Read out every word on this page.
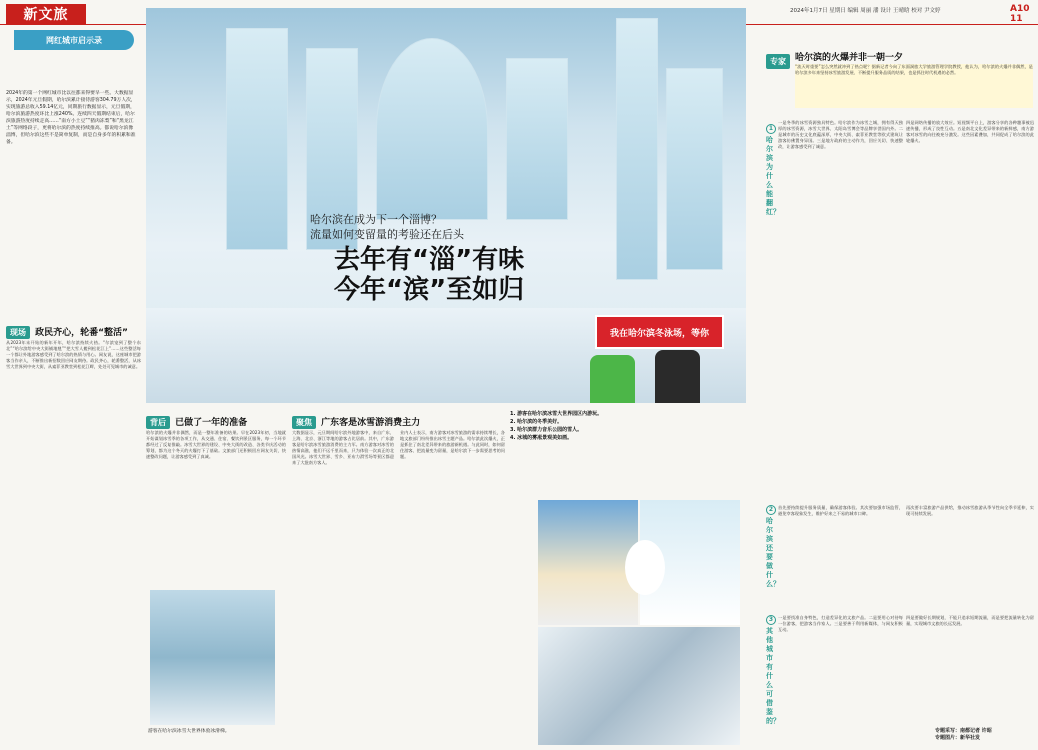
新文旅	2024年1月7日 星期日 编辑 周丽 潘 设计 王晴晗 校对 尹文婷	A10 11
网红城市启示录
2024年的第一个网红城市比以往都来得要早一些。大数据显示，2024年元旦假期，哈尔滨累计接待游客304.79万人次，实现旅游总收入59.14亿元，同期旅行数据显示，元旦假期，哈尔滨旅游热度环比上涨240%。连续四天假期结束后，哈尔滨旅游热度持续走高……“南方小土豆”“猪肉冻梨”和“黑龙江土”等网络段子，更将哈尔滨的热度持续推高。都说哈尔滨像淄博，但哈尔滨这些不是简单复制，而是自身多年的积累和准备。
现场 政民齐心，轮番“整活”
从2023年末开始的新年开年，哈尔滨持续火热。“尔滨宠到了整个东北”“哈尔滨给中央大街铺地毯”“把大雪人搬到松花江上”……这些整活每一个都让外地游客感受到了哈尔滨的热情与用心。网友说，这座城市把游客当作亲人，不断推出新招数回应网友期待。政民齐心，轮番整活，从冰雪大世界到中央大街，从索菲亚教堂到松花江畔，处处可见城市的诚意。
哈尔滨在成为下一个淄博？
流量如何变留量的考验还在后头
去年有“淄”有味
今年“滨”至如归
我在哈尔滨冬泳场，等你
背后 已做了一年的准备
哈尔滨的火爆并非偶然，而是一整年准备的结果。早在2023年初，当地就开始谋划冰雪季的各项工作，从交通、住宿、餐饮到景区服务，每一个环节都经过了反复推敲。冰雪大世界的建设、中央大街的改造、各类节庆活动的筹划，都为这个冬天的火爆打下了基础。文旅部门还积极回应网友关切，快速整改问题，让游客感受到了真诚。
游客在哈尔滨冰雪大世界体验冰滑梯。
聚焦 广东客是冰雪游消费主力
大数据显示，元旦期间哈尔滨外地游客中，来自广东、上海、北京、浙江等地的游客占比居前。其中，广东游客是哈尔滨冰雪旅游消费的主力军。南方游客对冰雪的热情高涨，他们不远千里而来，只为体验一次真正的北国风光。冰雪大世界、雪乡、亚布力滑雪场等景区都迎来了大批南方客人。
业内人士表示，南方游客对冰雪旅游的需求持续增长，各地文旅部门纷纷推出冰雪主题产品。哈尔滨此次爆火，正是抓住了南北差异带来的旅游新机遇。与此同时，如何留住游客、把流量变为留量，是哈尔滨下一步需要思考的问题。
1. 游客在哈尔滨冰雪大世界园区内游玩。
2. 哈尔滨的冬季美好。
3. 哈尔滨群力音乐公园的雪人。
4. 冰城的雾凇景观美如画。
专家	哈尔滨的火爆并非一朝一夕
“流天时重要”怎么突然就冲到了热点呢？据新记者今向了东面洞旅大学旅游管理学院教授，他认为，哈尔滨的火爆并非偶然，是哈尔滨多年来坚持冰雪旅游发展、不断提升服务品质的结果，也是抓住时代机遇的必然。
1
哈尔滨为什么能翻红？
一是冬季的冰雪资源独具特色。哈尔滨作为冰雪之城，拥有得天独厚的冰雪资源，冰雪大世界、太阳岛雪博会等品牌享誉国内外。二是城市的历史文化底蕴深厚，中央大街、索菲亚教堂等欧式建筑让游客仿佛置身异国。三是地方政府的主动作为，回应关切、快速整改，让游客感受到了诚意。
四是网络传播的放大效应。短视频平台上，游客分享的各种趣事被迅速传播，形成了良性互动。五是南北文化差异带来的新鲜感，南方游客对冰雪的向往被充分激发。这些因素叠加，共同促成了哈尔滨的此轮爆火。
2
哈尔滨还要做什么？
首先要持续提升服务质量，确保游客体验。其次要加强市场监管，避免宰客现象发生，维护好来之不易的城市口碑。
再次要丰富旅游产品供给，推动冰雪旅游从季节性向全季节延伸，实现可持续发展。
3
其他城市有什么可借鉴的？
一是要找准自身特色，打造差异化的文旅产品。二是要用心对待每一位游客，把游客当作家人。三是要善于利用新媒体，与网友积极互动。
四是要做好长期规划，不能只追求短期流量，而是要把流量转化为留量，实现城市文旅的长远发展。
专题采写：南都记者 许昭
专题图片：新华社发
